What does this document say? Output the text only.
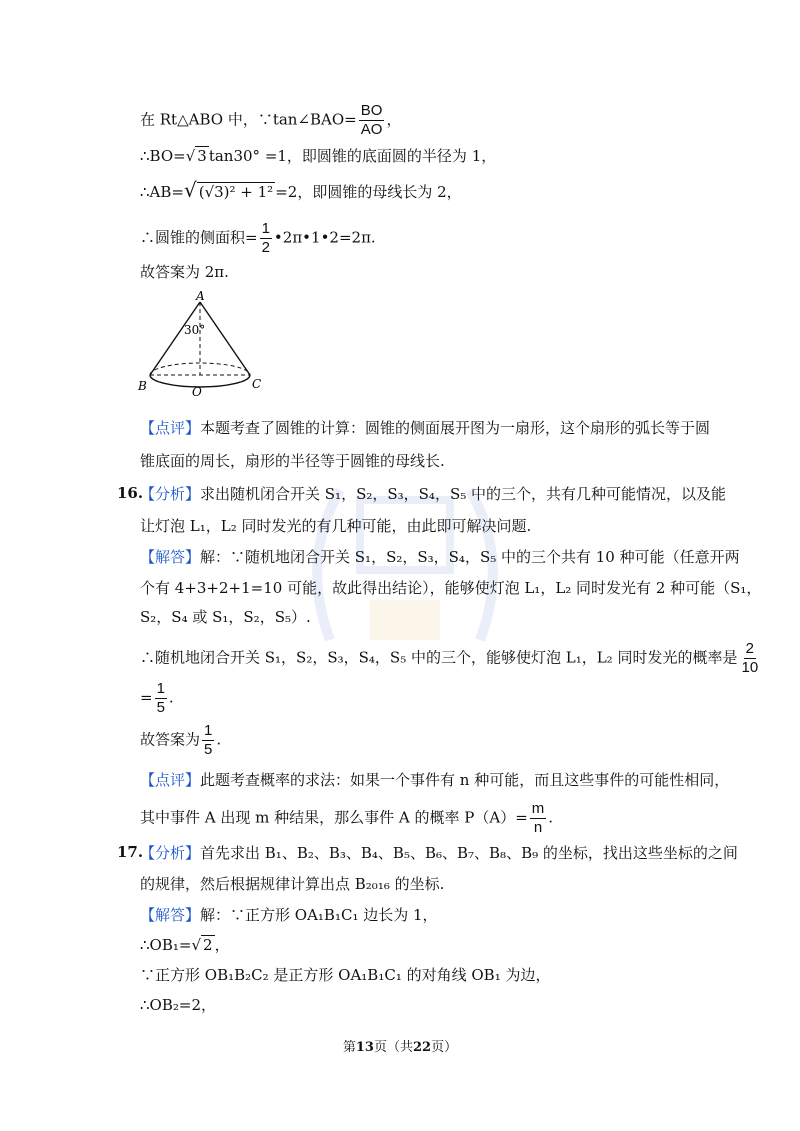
在 Rt△ABO 中，∵tan∠BAO= $\frac{BO}{AO}$ ，
∴BO=√ 3 tan30° =1，即圆锥的底面圆的半径为 1，
∴AB=√ (√3)² + 1² =2，即圆锥的母线长为 2，
∴圆锥的侧面积= $\frac{1}{2}$ •2π•1•2=2π.
故答案为 2π.
A
30°
B	O
C
【点评】本题考查了圆锥的计算：圆锥的侧面展开图为一扇形，这个扇形的弧长等于圆
锥底面的周长，扇形的半径等于圆锥的母线长.
16.
【分析】求出随机闭合开关 S₁，S₂，S₃，S₄，S₅ 中的三个，共有几种可能情况，以及能
让灯泡 L₁，L₂ 同时发光的有几种可能，由此即可解决问题.
【解答】解：∵随机地闭合开关 S₁，S₂，S₃，S₄，S₅ 中的三个共有 10 种可能（任意开两
个有 4+3+2+1=10 可能，故此得出结论），能够使灯泡 L₁，L₂ 同时发光有 2 种可能（S₁，
S₂，S₄ 或 S₁，S₂，S₅）.
∴随机地闭合开关 S₁，S₂，S₃，S₄，S₅ 中的三个，能够使灯泡 L₁，L₂ 同时发光的概率是 $\frac{2}{10}$
= $\frac{1}{5}$ .
故答案为 $\frac{1}{5}$ .
【点评】此题考查概率的求法：如果一个事件有 n 种可能，而且这些事件的可能性相同，
其中事件 A 出现 m 种结果，那么事件 A 的概率 $P(A)= \frac{m}{n}$ .
17.
【分析】首先求出 B₁、B₂、B₃、B₄、B₅、B₆、B₇、B₈、B₉ 的坐标，找出这些坐标的之间
的规律，然后根据规律计算出点 B₂₀₁₆ 的坐标.
【解答】解：∵正方形 OA₁B₁C₁ 边长为 1，
∴OB₁=√ 2 ，
∵正方形 OB₁B₂C₂ 是正方形 OA₁B₁C₁ 的对角线 OB₁ 为边，
∴OB₂=2，
第13页（共22页）
